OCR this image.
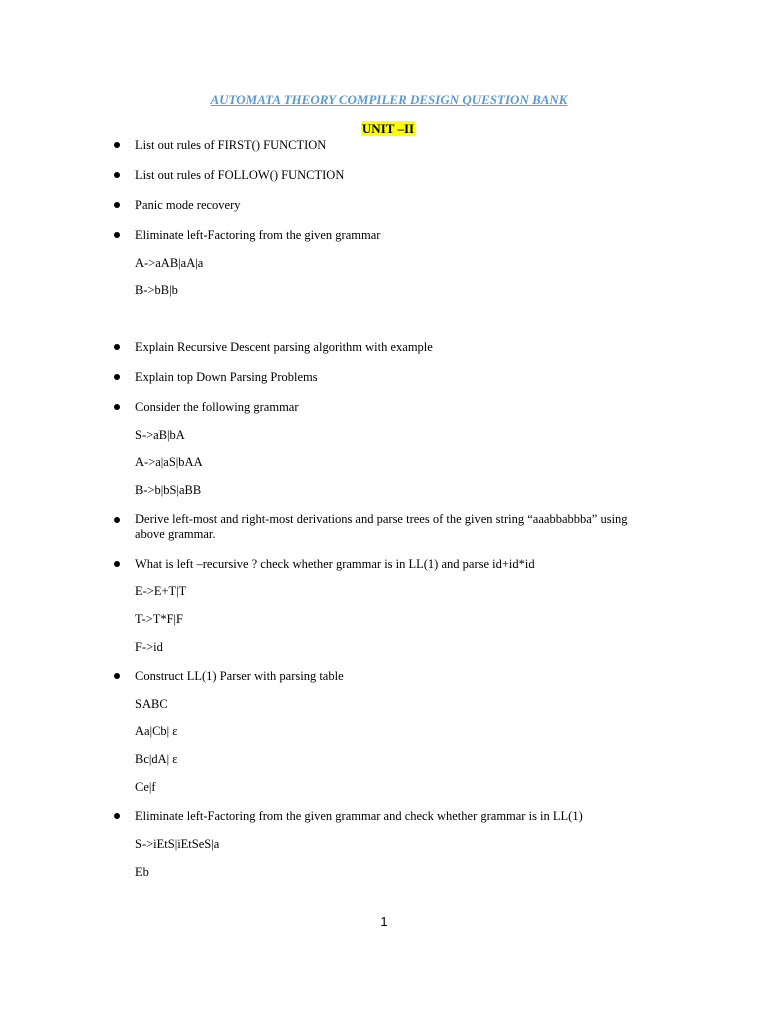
AUTOMATA THEORY COMPILER DESIGN QUESTION BANK
UNIT –II
List out rules of FIRST() FUNCTION
List out rules of FOLLOW() FUNCTION
Panic mode recovery
Eliminate left-Factoring from the given grammar
A->aAB|aA|a
B->bB|b
Explain Recursive Descent parsing algorithm with example
Explain top Down Parsing Problems
Consider the following grammar
S->aB|bA
A->a|aS|bAA
B->b|bS|aBB
Derive left-most and right-most derivations and parse trees of the given string “aaabbabbba” using above grammar.
What is left –recursive ? check whether grammar is in LL(1) and parse id+id*id
E->E+T|T
T->T*F|F
F->id
Construct LL(1) Parser with parsing table
SABC
Aa|Cb| ε
Bc|dA| ε
Ce|f
Eliminate left-Factoring from the given grammar and check whether grammar is in LL(1)
S->iEtS|iEtSeS|a
Eb
1
